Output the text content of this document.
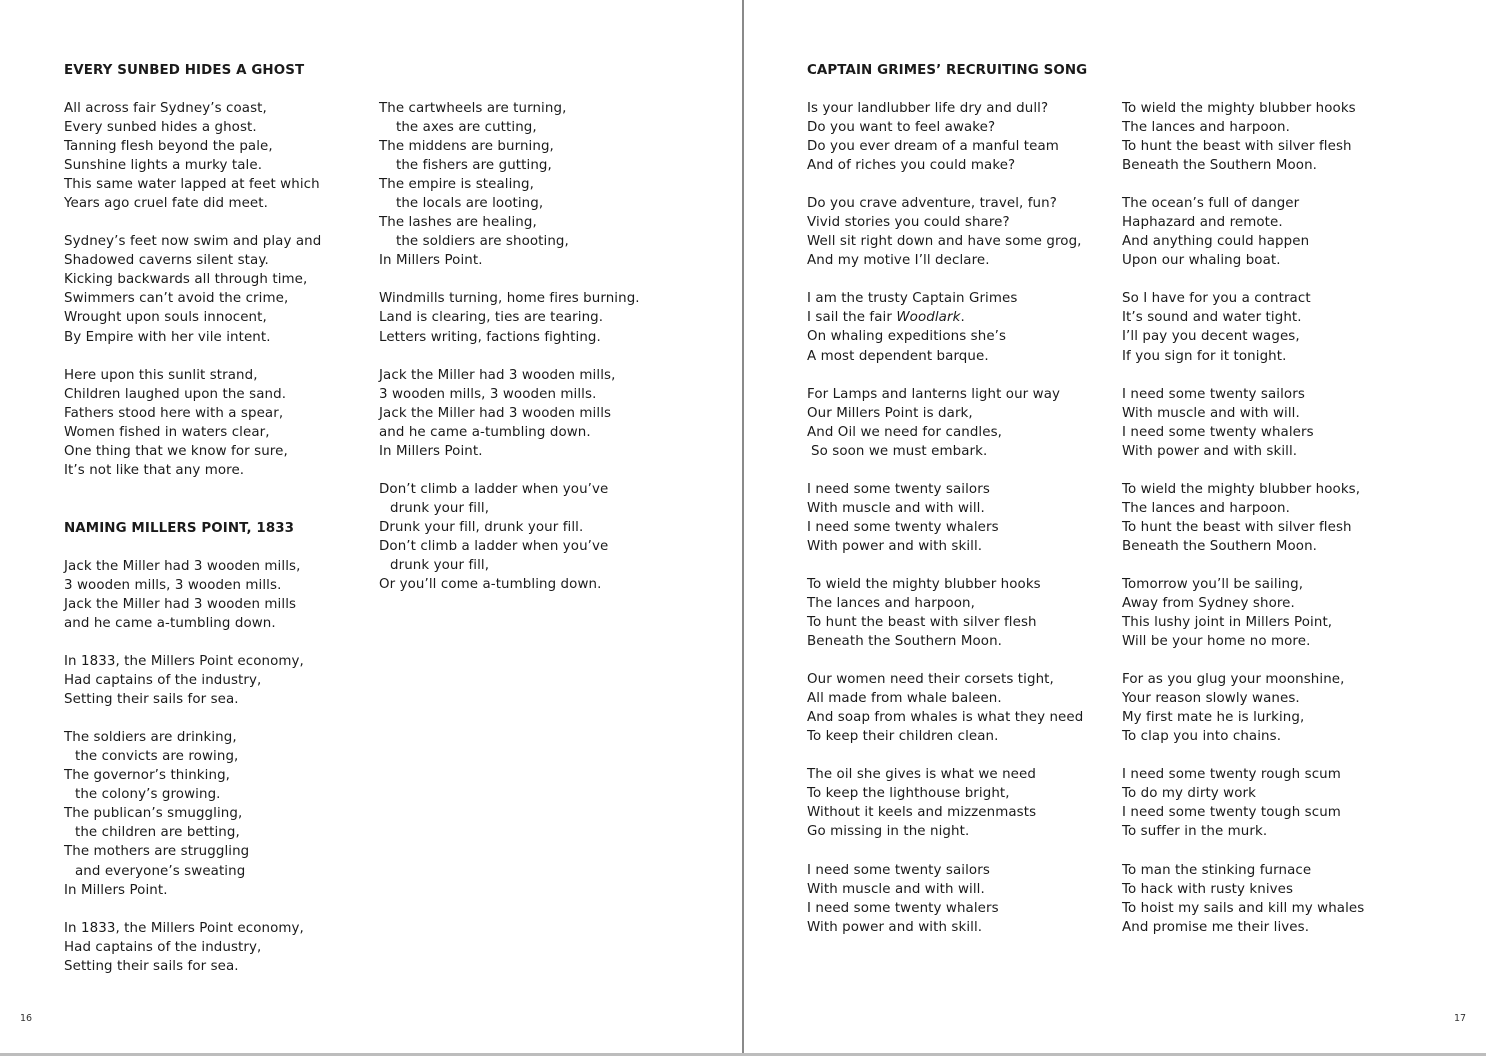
EVERY SUNBED HIDES A GHOST
All across fair Sydney’s coast,
Every sunbed hides a ghost.
Tanning flesh beyond the pale,
Sunshine lights a murky tale.
This same water lapped at feet which
Years ago cruel fate did meet.
Sydney’s feet now swim and play and
Shadowed caverns silent stay.
Kicking backwards all through time,
Swimmers can’t avoid the crime,
Wrought upon souls innocent,
By Empire with her vile intent.
Here upon this sunlit strand,
Children laughed upon the sand.
Fathers stood here with a spear,
Women fished in waters clear,
One thing that we know for sure,
It’s not like that any more.
NAMING MILLERS POINT, 1833
Jack the Miller had 3 wooden mills,
3 wooden mills, 3 wooden mills.
Jack the Miller had 3 wooden mills
and he came a-tumbling down.
In 1833, the Millers Point economy,
Had captains of the industry,
Setting their sails for sea.
The soldiers are drinking,
the convicts are rowing,
The governor’s thinking,
the colony’s growing.
The publican’s smuggling,
the children are betting,
The mothers are struggling
and everyone’s sweating
In Millers Point.
In 1833, the Millers Point economy,
Had captains of the industry,
Setting their sails for sea.
The cartwheels are turning,
the axes are cutting,
The middens are burning,
the fishers are gutting,
The empire is stealing,
the locals are looting,
The lashes are healing,
the soldiers are shooting,
In Millers Point.
Windmills turning, home fires burning.
Land is clearing, ties are tearing.
Letters writing, factions fighting.
Jack the Miller had 3 wooden mills,
3 wooden mills, 3 wooden mills.
Jack the Miller had 3 wooden mills
and he came a-tumbling down.
In Millers Point.
Don’t climb a ladder when you’ve
drunk your fill,
Drunk your fill, drunk your fill.
Don’t climb a ladder when you’ve
drunk your fill,
Or you’ll come a-tumbling down.
16
CAPTAIN GRIMES’ RECRUITING SONG
Is your landlubber life dry and dull?
Do you want to feel awake?
Do you ever dream of a manful team
And of riches you could make?
Do you crave adventure, travel, fun?
Vivid stories you could share?
Well sit right down and have some grog,
And my motive I’ll declare.
I am the trusty Captain Grimes
I sail the fair Woodlark.
On whaling expeditions she’s
A most dependent barque.
For Lamps and lanterns light our way
Our Millers Point is dark,
And Oil we need for candles,
So soon we must embark.
I need some twenty sailors
With muscle and with will.
I need some twenty whalers
With power and with skill.
To wield the mighty blubber hooks
The lances and harpoon,
To hunt the beast with silver flesh
Beneath the Southern Moon.
Our women need their corsets tight,
All made from whale baleen.
And soap from whales is what they need
To keep their children clean.
The oil she gives is what we need
To keep the lighthouse bright,
Without it keels and mizzenmasts
Go missing in the night.
I need some twenty sailors
With muscle and with will.
I need some twenty whalers
With power and with skill.
To wield the mighty blubber hooks
The lances and harpoon.
To hunt the beast with silver flesh
Beneath the Southern Moon.
The ocean’s full of danger
Haphazard and remote.
And anything could happen
Upon our whaling boat.
So I have for you a contract
It’s sound and water tight.
I’ll pay you decent wages,
If you sign for it tonight.
I need some twenty sailors
With muscle and with will.
I need some twenty whalers
With power and with skill.
To wield the mighty blubber hooks,
The lances and harpoon.
To hunt the beast with silver flesh
Beneath the Southern Moon.
Tomorrow you’ll be sailing,
Away from Sydney shore.
This lushy joint in Millers Point,
Will be your home no more.
For as you glug your moonshine,
Your reason slowly wanes.
My first mate he is lurking,
To clap you into chains.
I need some twenty rough scum
To do my dirty work
I need some twenty tough scum
To suffer in the murk.
To man the stinking furnace
To hack with rusty knives
To hoist my sails and kill my whales
And promise me their lives.
17
